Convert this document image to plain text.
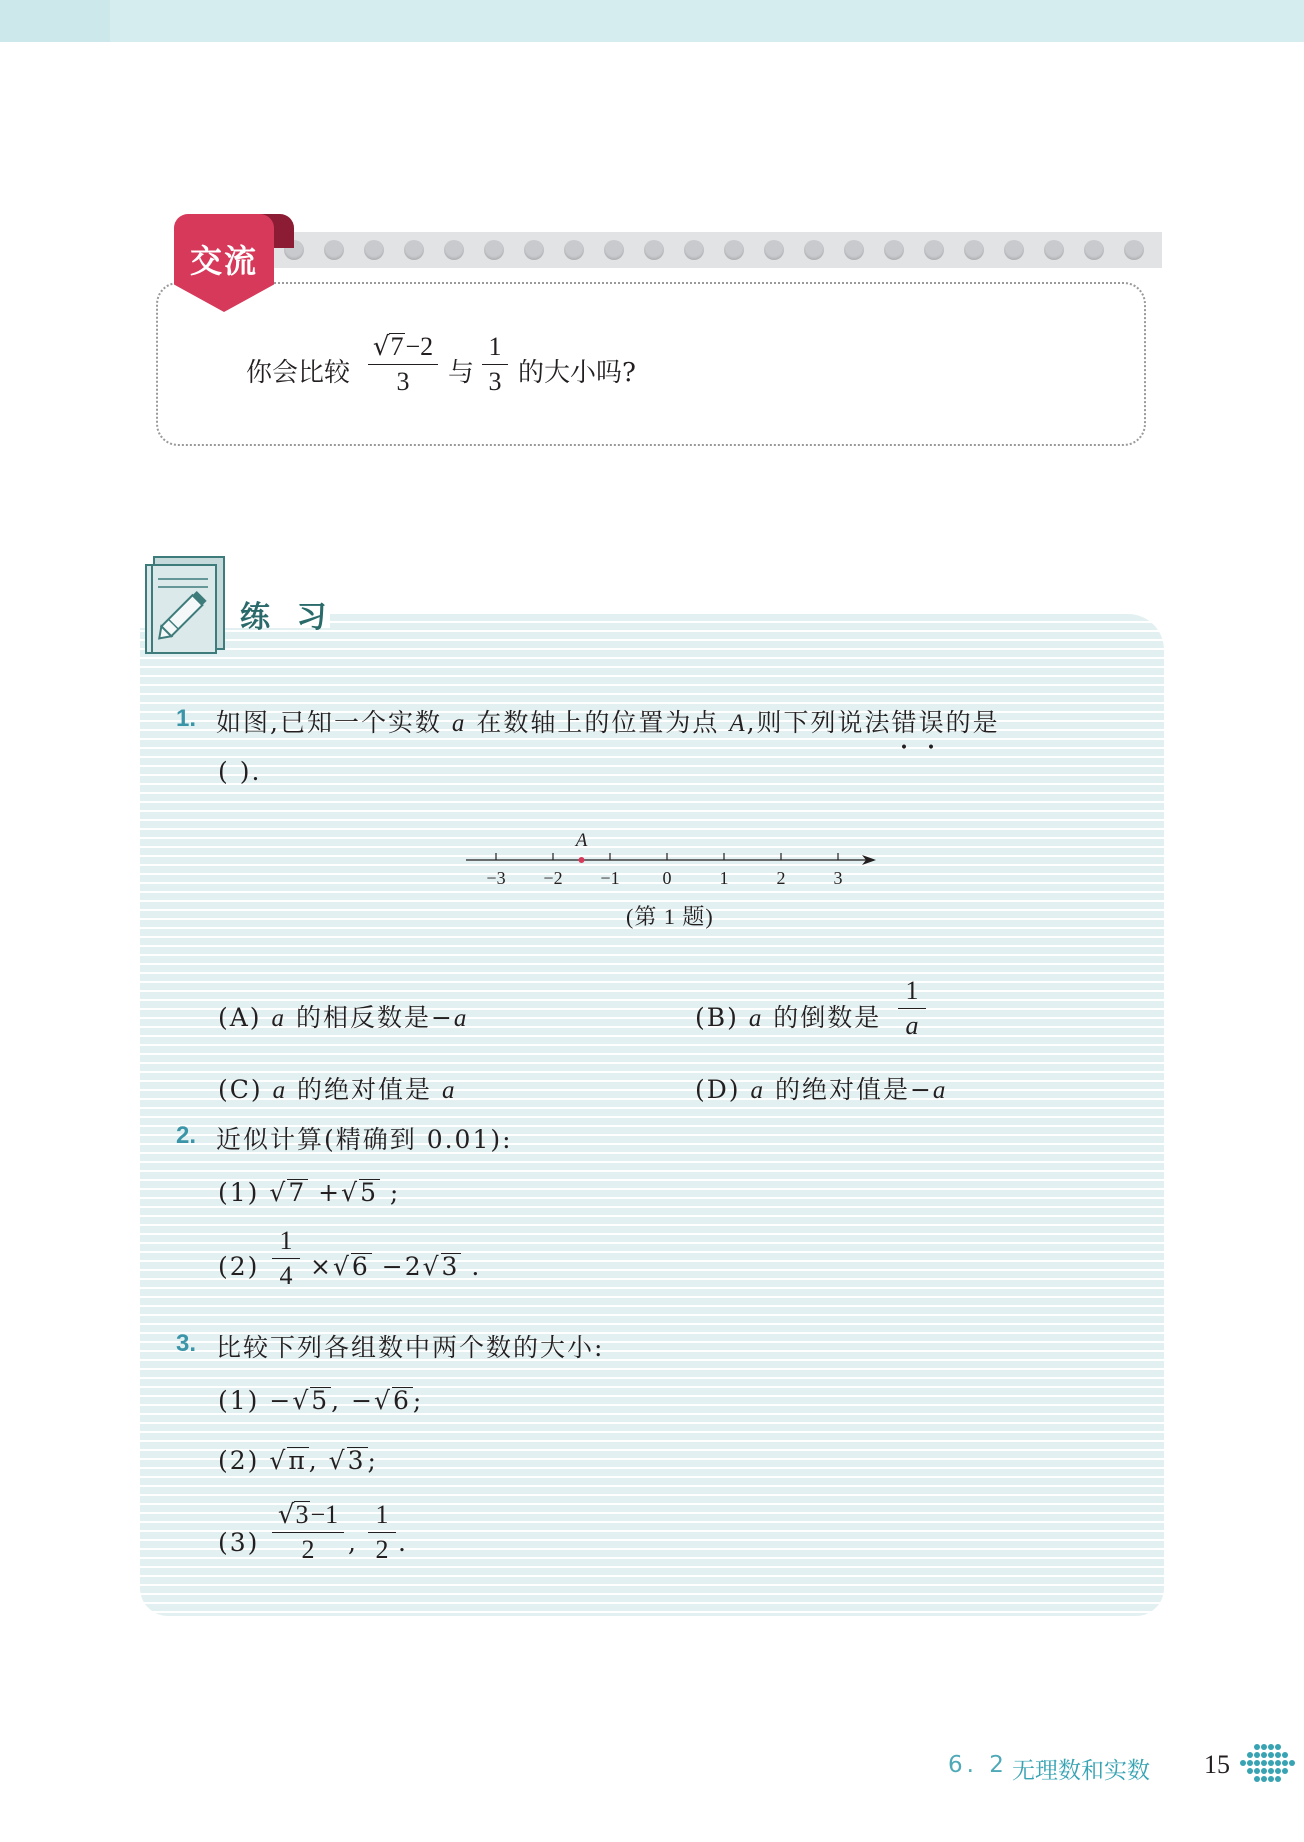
交流
你会比较
√7−2
3	与
1
3 的大小吗?
练 习
1. 如图,已知一个实数 a 在数轴上的位置为点 A,则下列说法错误的是
( ).
−3 −2 −1 0	1	2	3
A
(第 1 题)
(A) a 的相反数是−a	(B) a 的倒数是
1
a
(C) a 的绝对值是 a	(D) a 的绝对值是−a
2. 近似计算(精确到 0.01):
(1) √7 +√5 ;
(2)
1
4 ×√6 −2√3 .
3. 比较下列各组数中两个数的大小:
(1) −√5, −√6;
(2) √π, √3;
(3)
√3−1
2	,
1
2 .
6. 2 无理数和实数 15
